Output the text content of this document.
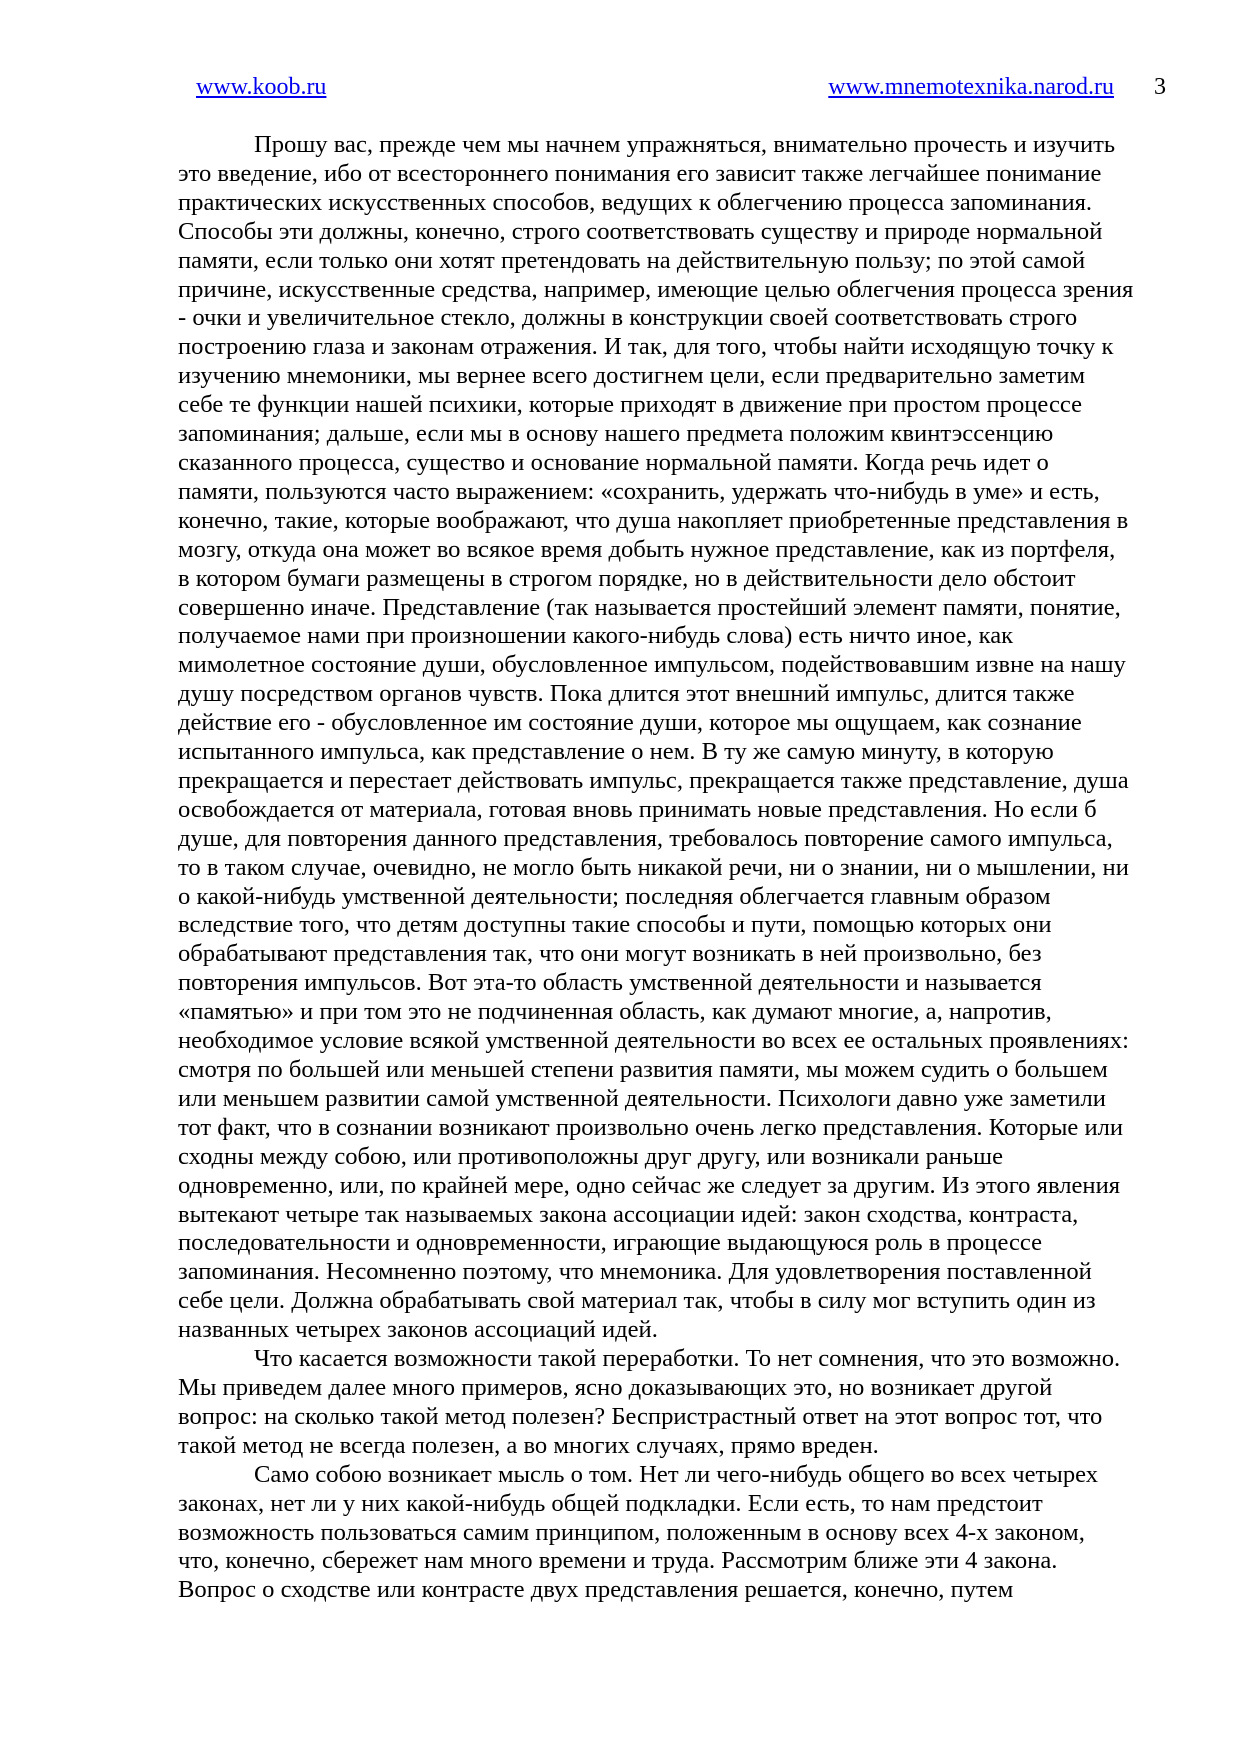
www.koob.ru	www.mnemotexnika.narod.ru 3
Прошу вас, прежде чем мы начнем упражняться, внимательно прочесть и изучить
это введение, ибо от всестороннего понимания его зависит также легчайшее понимание
практических искусственных способов, ведущих к облегчению процесса запоминания.
Способы эти должны, конечно, строго соответствовать существу и природе нормальной
памяти, если только они хотят претендовать на действительную пользу; по этой самой
причине, искусственные средства, например, имеющие целью облегчения процесса зрения
- очки и увеличительное стекло, должны в конструкции своей соответствовать строго
построению глаза и законам отражения. И так, для того, чтобы найти исходящую точку к
изучению мнемоники, мы вернее всего достигнем цели, если предварительно заметим
себе те функции нашей психики, которые приходят в движение при простом процессе
запоминания; дальше, если мы в основу нашего предмета положим квинтэссенцию
сказанного процесса, существо и основание нормальной памяти. Когда речь идет о
памяти, пользуются часто выражением: «сохранить, удержать что-нибудь в уме» и есть,
конечно, такие, которые воображают, что душа накопляет приобретенные представления в
мозгу, откуда она может во всякое время добыть нужное представление, как из портфеля,
в котором бумаги размещены в строгом порядке, но в действительности дело обстоит
совершенно иначе. Представление (так называется простейший элемент памяти, понятие,
получаемое нами при произношении какого-нибудь слова) есть ничто иное, как
мимолетное состояние души, обусловленное импульсом, подействовавшим извне на нашу
душу посредством органов чувств. Пока длится этот внешний импульс, длится также
действие его - обусловленное им состояние души, которое мы ощущаем, как сознание
испытанного импульса, как представление о нем. В ту же самую минуту, в которую
прекращается и перестает действовать импульс, прекращается также представление, душа
освобождается от материала, готовая вновь принимать новые представления. Но если б
душе, для повторения данного представления, требовалось повторение самого импульса,
то в таком случае, очевидно, не могло быть никакой речи, ни о знании, ни о мышлении, ни
о какой-нибудь умственной деятельности; последняя облегчается главным образом
вследствие того, что детям доступны такие способы и пути, помощью которых они
обрабатывают представления так, что они могут возникать в ней произвольно, без
повторения импульсов. Вот эта-то область умственной деятельности и называется
«памятью» и при том это не подчиненная область, как думают многие, а, напротив,
необходимое условие всякой умственной деятельности во всех ее остальных проявлениях:
смотря по большей или меньшей степени развития памяти, мы можем судить о большем
или меньшем развитии самой умственной деятельности. Психологи давно уже заметили
тот факт, что в сознании возникают произвольно очень легко представления. Которые или
сходны между собою, или противоположны друг другу, или возникали раньше
одновременно, или, по крайней мере, одно сейчас же следует за другим. Из этого явления
вытекают четыре так называемых закона ассоциации идей: закон сходства, контраста,
последовательности и одновременности, играющие выдающуюся роль в процессе
запоминания. Несомненно поэтому, что мнемоника. Для удовлетворения поставленной
себе цели. Должна обрабатывать свой материал так, чтобы в силу мог вступить один из
названных четырех законов ассоциаций идей.
Что касается возможности такой переработки. То нет сомнения, что это возможно.
Мы приведем далее много примеров, ясно доказывающих это, но возникает другой
вопрос: на сколько такой метод полезен? Беспристрастный ответ на этот вопрос тот, что
такой метод не всегда полезен, а во многих случаях, прямо вреден.
Само собою возникает мысль о том. Нет ли чего-нибудь общего во всех четырех
законах, нет ли у них какой-нибудь общей подкладки. Если есть, то нам предстоит
возможность пользоваться самим принципом, положенным в основу всех 4-х законом,
что, конечно, сбережет нам много времени и труда. Рассмотрим ближе эти 4 закона.
Вопрос о сходстве или контрасте двух представления решается, конечно, путем
